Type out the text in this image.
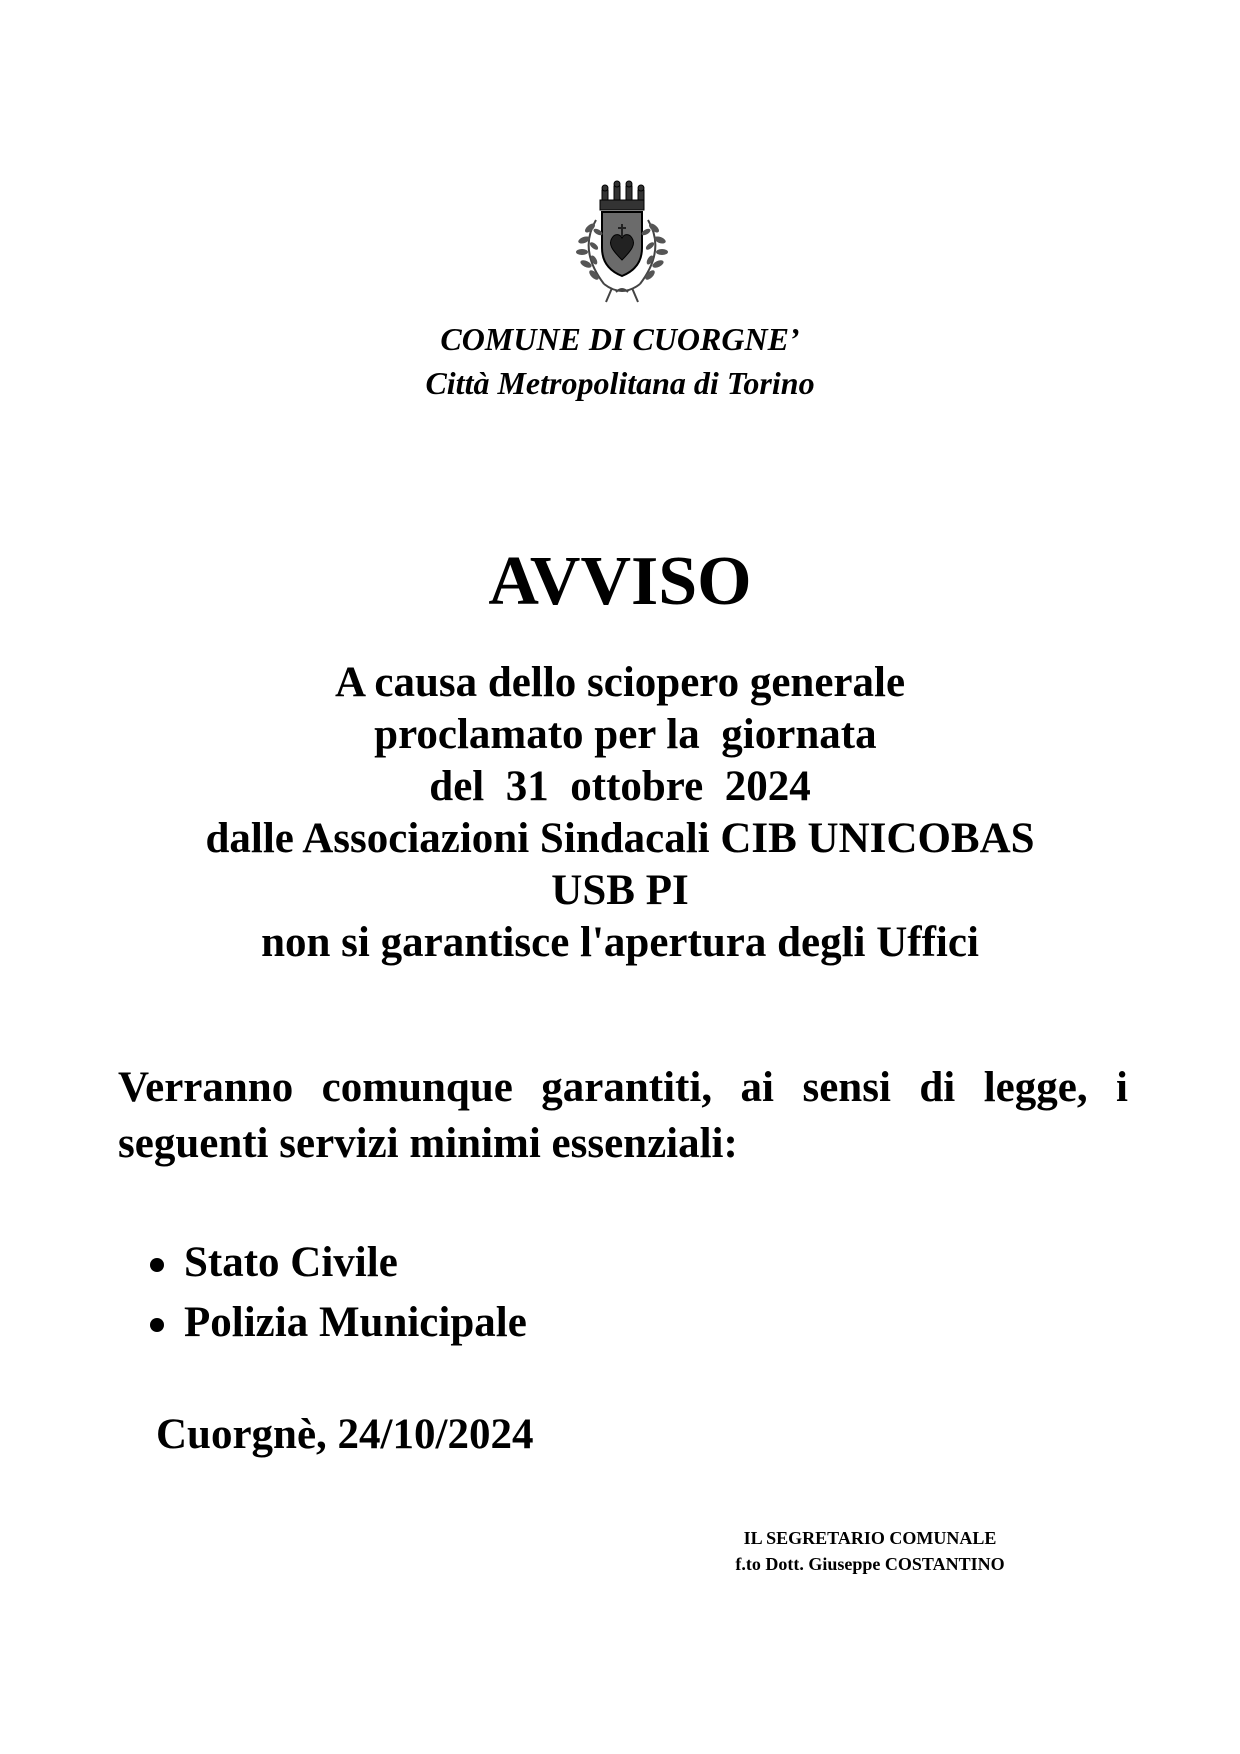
COMUNE DI CUORGNE’
Città Metropolitana di Torino
AVVISO
A causa dello sciopero generale
proclamato per la  giornata
del  31  ottobre  2024
dalle Associazioni Sindacali CIB UNICOBAS
USB PI
non si garantisce l'apertura degli Uffici
Verranno comunque garantiti, ai sensi di legge, i seguenti servizi minimi essenziali:
Stato Civile
Polizia Municipale
Cuorgnè, 24/10/2024
IL SEGRETARIO COMUNALE
f.to Dott. Giuseppe COSTANTINO
